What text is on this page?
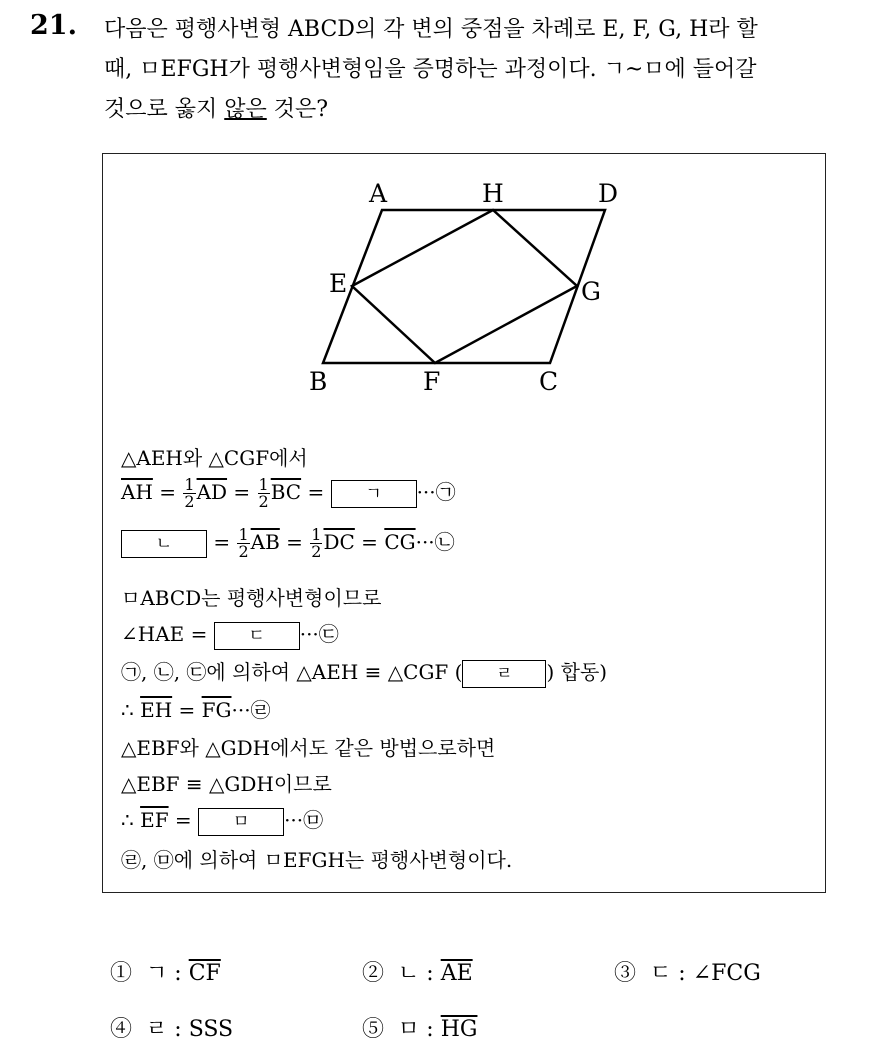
21. 다음은 평행사변형 ABCD의 각 변의 중점을 차례로 E, F, G, H라 할
때, ㅁEFGH가 평행사변형임을 증명하는 과정이다. ㄱ~ㅁ에 들어갈
것으로 옳지 않은 것은?
A	H	D
E	G
B	F	C
△AEH와 △CGF에서
$\overline{AH} = \frac{1}{2} \overline{AD} = \frac{1}{2} \overline{BC}$ = ㄱ ···㉠
ㄴ = $\frac{1}{2} \overline{AB} = \frac{1}{2} \overline{DC}$ = $\overline{CG}\cdot\cdot\cdot㉡$
ㅁABCD는 평행사변형이므로
∠HAE = ㄷ ···㉢
㉠, ㉡, ㉢에 의하여 △AEH ≡ △CGF ( ㄹ ) 합동)
∴ $\overline{EH}$ = $\overline{FG}\cdot\cdot\cdot㉣$
△EBF와 △GDH에서도 같은 방법으로하면
△EBF ≡ △GDH이므로
∴ $\overline{EF}$ = ㅁ ···㉤
㉣, ㉤에 의하여 ㅁEFGH는 평행사변형이다.
① ㄱ : $\overline{CF}$	② ㄴ : $\overline{AE}$	③ ㄷ : ∠FCG
④ ㄹ : SSS	⑤ ㅁ : $\overline{HG}$
